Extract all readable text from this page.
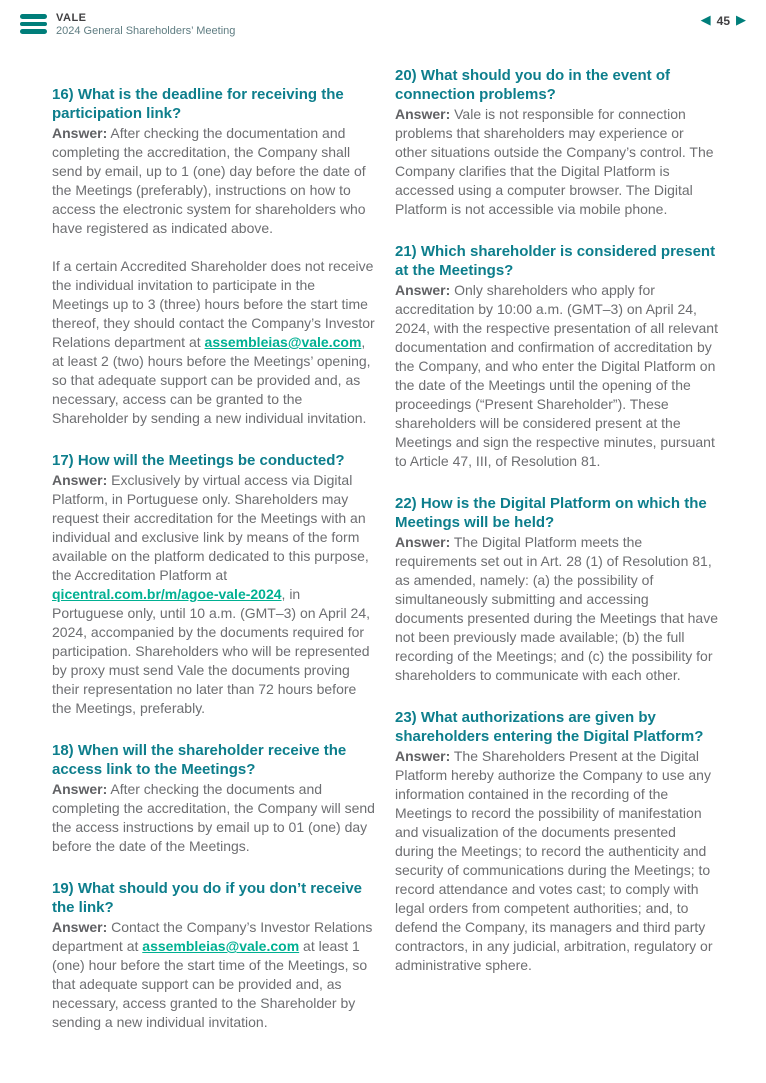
VALE
2024 General Shareholders’ Meeting
◀ 45 ▶
16) What is the deadline for receiving the participation link?

Answer: After checking the documentation and completing the accreditation, the Company shall send by email, up to 1 (one) day before the date of the Meetings (preferably), instructions on how to access the electronic system for shareholders who have registered as indicated above.

If a certain Accredited Shareholder does not receive the individual invitation to participate in the Meetings up to 3 (three) hours before the start time thereof, they should contact the Company’s Investor Relations department at assembleias@vale.com, at least 2 (two) hours before the Meetings’ opening, so that adequate support can be provided and, as necessary, access can be granted to the Shareholder by sending a new individual invitation.

17) How will the Meetings be conducted?

Answer: Exclusively by virtual access via Digital Platform, in Portuguese only. Shareholders may request their accreditation for the Meetings with an individual and exclusive link by means of the form available on the platform dedicated to this purpose, the Accreditation Platform at qicentral.com.br/m/agoe-vale-2024, in Portuguese only, until 10 a.m. (GMT–3) on April 24, 2024, accompanied by the documents required for participation. Shareholders who will be represented by proxy must send Vale the documents proving their representation no later than 72 hours before the Meetings, preferably.

18) When will the shareholder receive the access link to the Meetings?

Answer: After checking the documents and completing the accreditation, the Company will send the access instructions by email up to 01 (one) day before the date of the Meetings.

19) What should you do if you don’t receive the link?

Answer: Contact the Company’s Investor Relations department at assembleias@vale.com at least 1 (one) hour before the start time of the Meetings, so that adequate support can be provided and, as necessary, access granted to the Shareholder by sending a new individual invitation.

20) What should you do in the event of connection problems?

Answer: Vale is not responsible for connection problems that shareholders may experience or other situations outside the Company’s control. The Company clarifies that the Digital Platform is accessed using a computer browser. The Digital Platform is not accessible via mobile phone.

21) Which shareholder is considered present at the Meetings?

Answer: Only shareholders who apply for accreditation by 10:00 a.m. (GMT–3) on April 24, 2024, with the respective presentation of all relevant documentation and confirmation of accreditation by the Company, and who enter the Digital Platform on the date of the Meetings until the opening of the proceedings (“Present Shareholder”). These shareholders will be considered present at the Meetings and sign the respective minutes, pursuant to Article 47, III, of Resolution 81.

22) How is the Digital Platform on which the Meetings will be held?

Answer: The Digital Platform meets the requirements set out in Art. 28 (1) of Resolution 81, as amended, namely: (a) the possibility of simultaneously submitting and accessing documents presented during the Meetings that have not been previously made available; (b) the full recording of the Meetings; and (c) the possibility for shareholders to communicate with each other.

23) What authorizations are given by shareholders entering the Digital Platform?

Answer: The Shareholders Present at the Digital Platform hereby authorize the Company to use any information contained in the recording of the Meetings to record the possibility of manifestation and visualization of the documents presented during the Meetings; to record the authenticity and security of communications during the Meetings; to record attendance and votes cast; to comply with legal orders from competent authorities; and, to defend the Company, its managers and third party contractors, in any judicial, arbitration, regulatory or administrative sphere.
